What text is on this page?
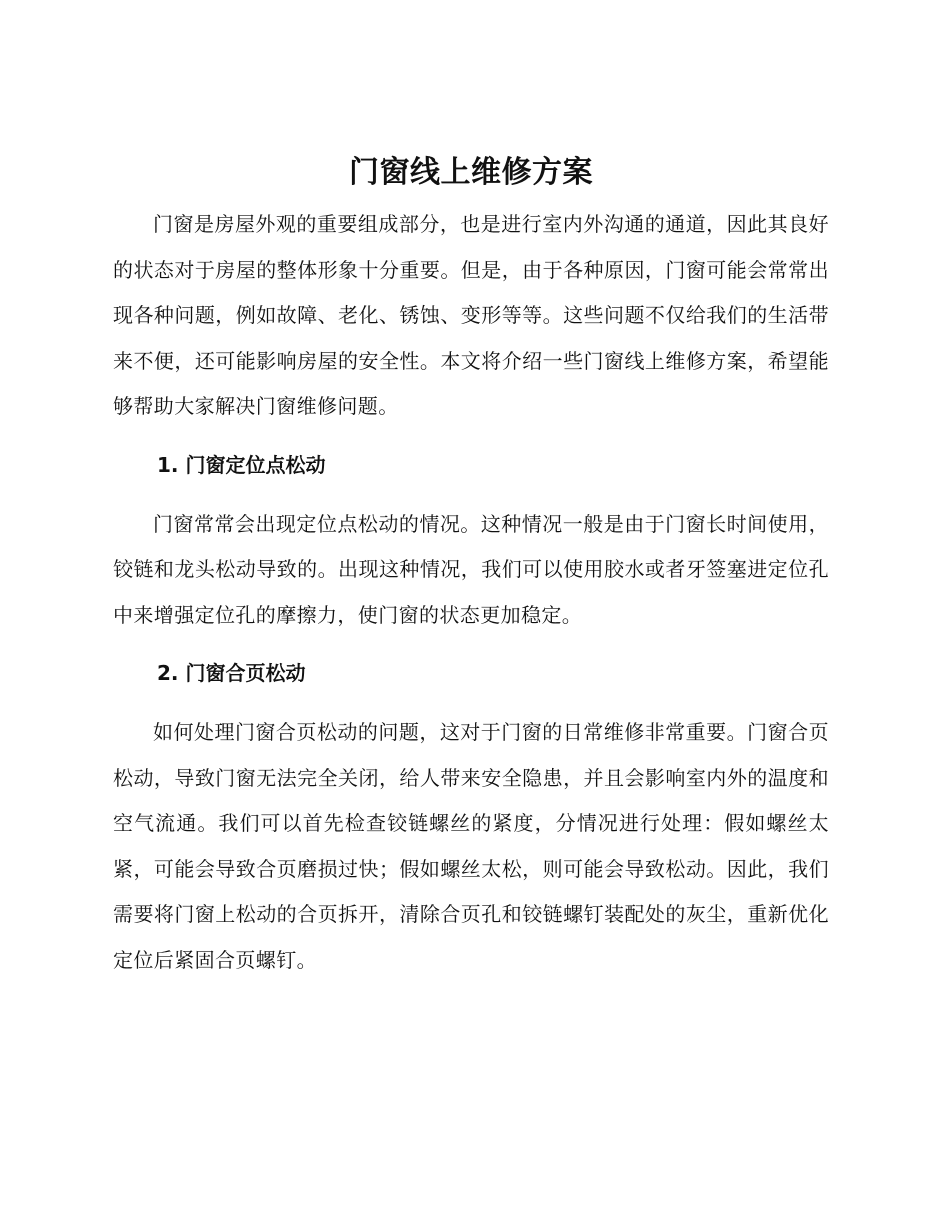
门窗线上维修方案

门窗是房屋外观的重要组成部分，也是进行室内外沟通的通道，因此其良好的状态对于房屋的整体形象十分重要。但是，由于各种原因，门窗可能会常常出现各种问题，例如故障、老化、锈蚀、变形等等。这些问题不仅给我们的生活带来不便，还可能影响房屋的安全性。本文将介绍一些门窗线上维修方案，希望能够帮助大家解决门窗维修问题。

1. 门窗定位点松动

门窗常常会出现定位点松动的情况。这种情况一般是由于门窗长时间使用，铰链和龙头松动导致的。出现这种情况，我们可以使用胶水或者牙签塞进定位孔中来增强定位孔的摩擦力，使门窗的状态更加稳定。

2. 门窗合页松动

如何处理门窗合页松动的问题，这对于门窗的日常维修非常重要。门窗合页松动，导致门窗无法完全关闭，给人带来安全隐患，并且会影响室内外的温度和空气流通。我们可以首先检查铰链螺丝的紧度，分情况进行处理：假如螺丝太紧，可能会导致合页磨损过快；假如螺丝太松，则可能会导致松动。因此，我们需要将门窗上松动的合页拆开，清除合页孔和铰链螺钉装配处的灰尘，重新优化定位后紧固合页螺钉。
